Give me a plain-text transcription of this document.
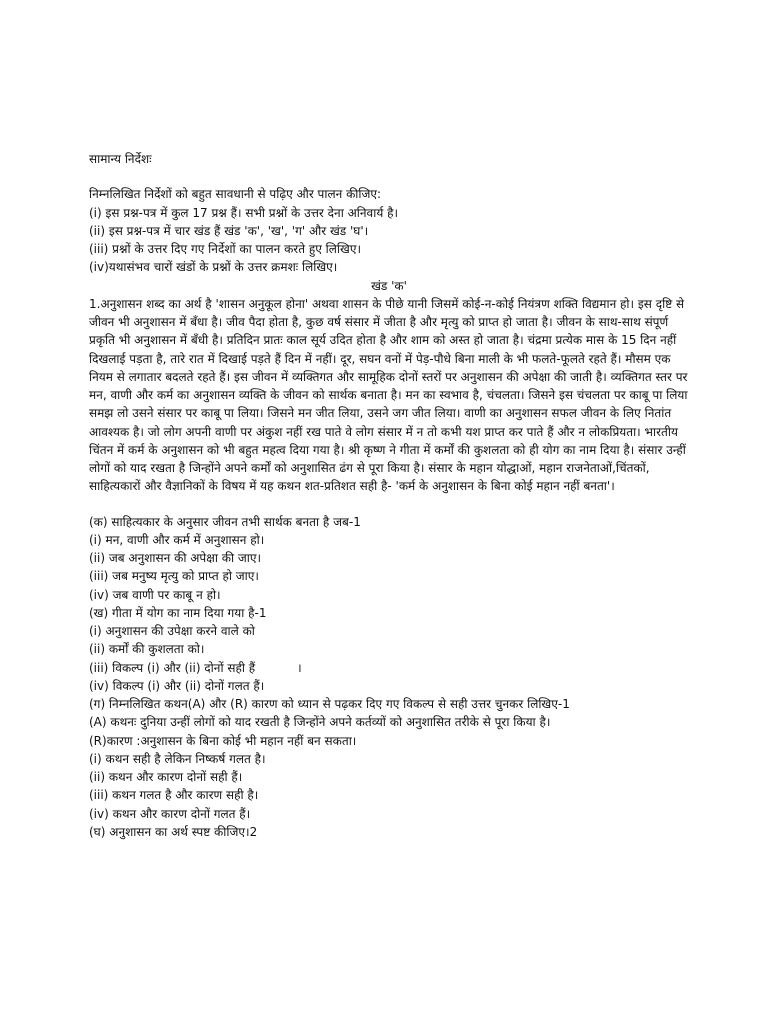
सामान्य निर्देशः
निम्नलिखित निर्देशों को बहुत सावधानी से पढ़िए और पालन कीजिए:
(i) इस प्रश्न-पत्र में कुल 17 प्रश्न हैं। सभी प्रश्नों के उत्तर देना अनिवार्य है।
(ii) इस प्रश्न-पत्र में चार खंड हैं खंड 'क', 'ख', 'ग' और खंड 'घ'।
(iii) प्रश्नों के उत्तर दिए गए निर्देशों का पालन करते हुए लिखिए।
(iv)यथासंभव चारों खंडों के प्रश्नों के उत्तर क्रमशः लिखिए।
खंड 'क'
1.अनुशासन शब्द का अर्थ है 'शासन अनुकूल होना' अथवा शासन के पीछे यानी जिसमें कोई-न-कोई नियंत्रण शक्ति विद्यमान हो। इस दृष्टि से जीवन भी अनुशासन में बँधा है। जीव पैदा होता है, कुछ वर्ष संसार में जीता है और मृत्यु को प्राप्त हो जाता है। जीवन के साथ-साथ संपूर्ण प्रकृति भी अनुशासन में बँधी है। प्रतिदिन प्रातः काल सूर्य उदित होता है और शाम को अस्त हो जाता है। चंद्रमा प्रत्येक मास के 15 दिन नहीं दिखलाई पड़ता है, तारे रात में दिखाई पड़ते हैं दिन में नहीं। दूर, सघन वनों में पेड़-पौधे बिना माली के भी फलते-फूलते रहते हैं। मौसम एक नियम से लगातार बदलते रहते हैं। इस जीवन में व्यक्तिगत और सामूहिक दोनों स्तरों पर अनुशासन की अपेक्षा की जाती है। व्यक्तिगत स्तर पर मन, वाणी और कर्म का अनुशासन व्यक्ति के जीवन को सार्थक बनाता है। मन का स्वभाव है, चंचलता। जिसने इस चंचलता पर काबू पा लिया समझ लो उसने संसार पर काबू पा लिया। जिसने मन जीत लिया, उसने जग जीत लिया। वाणी का अनुशासन सफल जीवन के लिए नितांत आवश्यक है। जो लोग अपनी वाणी पर अंकुश नहीं रख पाते वे लोग संसार में न तो कभी यश प्राप्त कर पाते हैं और न लोकप्रियता। भारतीय चिंतन में कर्म के अनुशासन को भी बहुत महत्व दिया गया है। श्री कृष्ण ने गीता में कर्मों की कुशलता को ही योग का नाम दिया है। संसार उन्हीं लोगों को याद रखता है जिन्होंने अपने कर्मों को अनुशासित ढंग से पूरा किया है। संसार के महान योद्धाओं, महान राजनेताओं,चिंतकों, साहित्यकारों और वैज्ञानिकों के विषय में यह कथन शत-प्रतिशत सही है- 'कर्म के अनुशासन के बिना कोई महान नहीं बनता'।
(क) साहित्यकार के अनुसार जीवन तभी सार्थक बनता है जब-1
(i) मन, वाणी और कर्म में अनुशासन हो।
(ii) जब अनुशासन की अपेक्षा की जाए।
(iii) जब मनुष्य मृत्यु को प्राप्त हो जाए।
(iv) जब वाणी पर काबू न हो।
(ख) गीता में योग का नाम दिया गया है-1
(i) अनुशासन की उपेक्षा करने वाले को
(ii) कर्मों की कुशलता को।
(iii) विकल्प (i) और (ii) दोनों सही हैं           ।
(iv) विकल्प (i) और (ii) दोनों गलत हैं।
(ग) निम्नलिखित कथन(A) और (R) कारण को ध्यान से पढ़कर दिए गए विकल्प से सही उत्तर चुनकर लिखिए-1
(A) कथनः दुनिया उन्हीं लोगों को याद रखती है जिन्होंने अपने कर्तव्यों को अनुशासित तरीके से पूरा किया है।
(R)कारण :अनुशासन के बिना कोई भी महान नहीं बन सकता।
(i) कथन सही है लेकिन निष्कर्ष गलत है।
(ii) कथन और कारण दोनों सही हैं।
(iii) कथन गलत है और कारण सही है।
(iv) कथन और कारण दोनों गलत हैं।
(घ) अनुशासन का अर्थ स्पष्ट कीजिए।2
